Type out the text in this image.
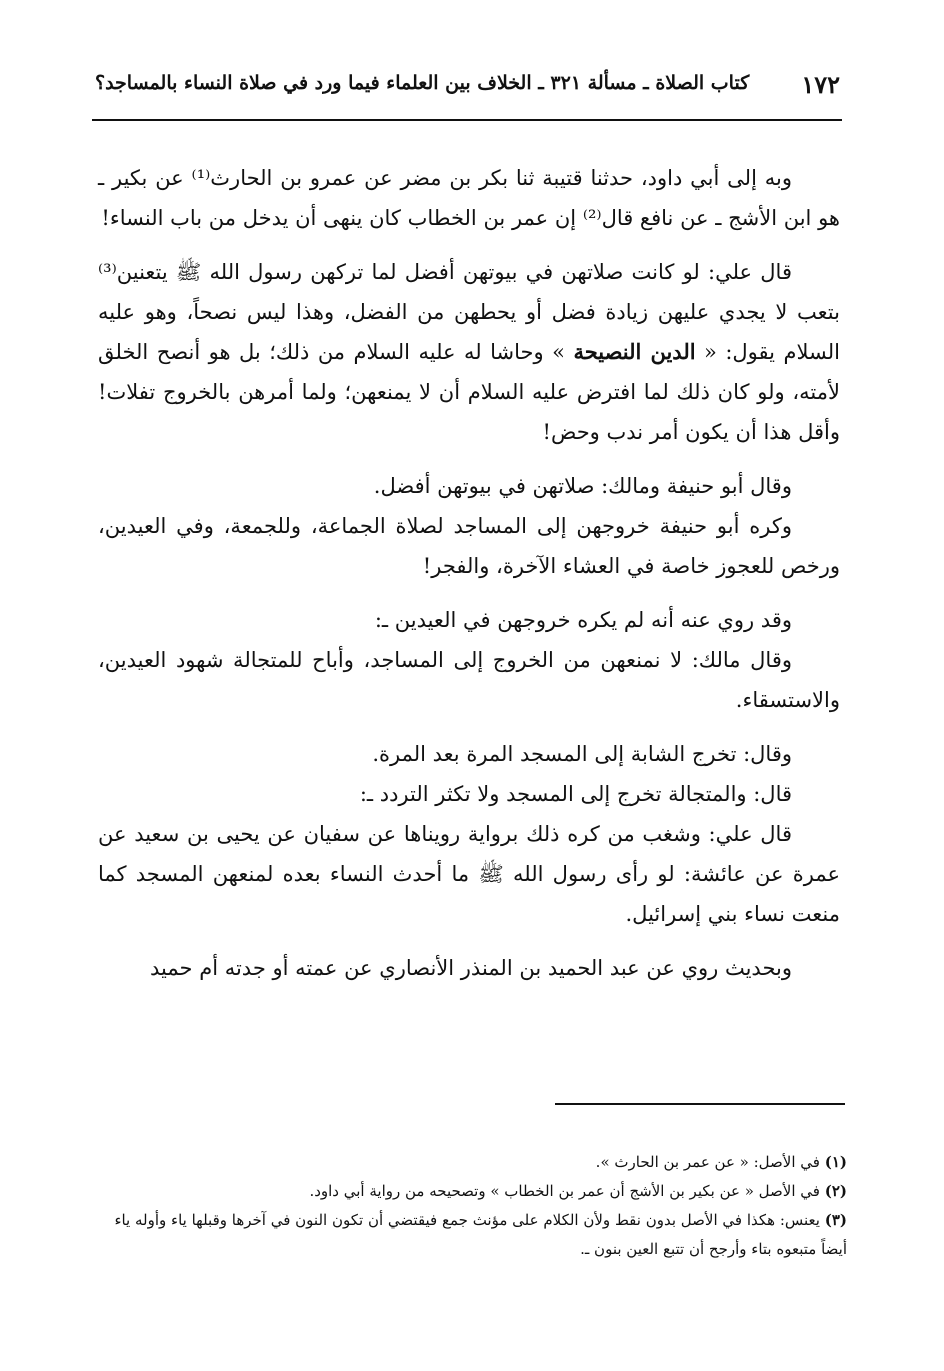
١٧٢
كتاب الصلاة ـ مسألة ٣٢١ ـ الخلاف بين العلماء فيما ورد في صلاة النساء بالمساجد؟

وبه إلى أبي داود، حدثنا قتيبة ثنا بكر بن مضر عن عمرو بن الحارث⁽¹⁾ عن بكير ـ هو ابن الأشج ـ عن نافع قال⁽²⁾ إن عمر بن الخطاب كان ينهى أن يدخل من باب النساء!

قال علي: لو كانت صلاتهن في بيوتهن أفضل لما تركهن رسول الله ﷺ يتعنين⁽³⁾ بتعب لا يجدي عليهن زيادة فضل أو يحطهن من الفضل، وهذا ليس نصحاً، وهو عليه السلام يقول: « الدين النصيحة » وحاشا له عليه السلام من ذلك؛ بل هو أنصح الخلق لأمته، ولو كان ذلك لما افترض عليه السلام أن لا يمنعهن؛ ولما أمرهن بالخروج تفلات! وأقل هذا أن يكون أمر ندب وحض!

وقال أبو حنيفة ومالك: صلاتهن في بيوتهن أفضل.

وكره أبو حنيفة خروجهن إلى المساجد لصلاة الجماعة، وللجمعة، وفي العيدين، ورخص للعجوز خاصة في العشاء الآخرة، والفجر!

وقد روي عنه أنه لم يكره خروجهن في العيدين ـ:

وقال مالك: لا نمنعهن من الخروج إلى المساجد، وأباح للمتجالة شهود العيدين، والاستسقاء.

وقال: تخرج الشابة إلى المسجد المرة بعد المرة.

قال: والمتجالة تخرج إلى المسجد ولا تكثر التردد ـ:

قال علي: وشغب من كره ذلك برواية رويناها عن سفيان عن يحيى بن سعيد عن عمرة عن عائشة: لو رأى رسول الله ﷺ ما أحدث النساء بعده لمنعهن المسجد كما منعت نساء بني إسرائيل.

وبحديث روي عن عبد الحميد بن المنذر الأنصاري عن عمته أو جدته أم حميد

(١) في الأصل: « عن عمر بن الحارث ».

(٢) في الأصل « عن بكير بن الأشج أن عمر بن الخطاب » وتصحيحه من رواية أبي داود.

(٣) يعنس: هكذا في الأصل بدون نقط ولأن الكلام على مؤنث جمع فيقتضي أن تكون النون في آخرها وقبلها ياء وأوله ياء أيضاً متبعوه بتاء وأرجح أن تتبع العين بنون ـ.
